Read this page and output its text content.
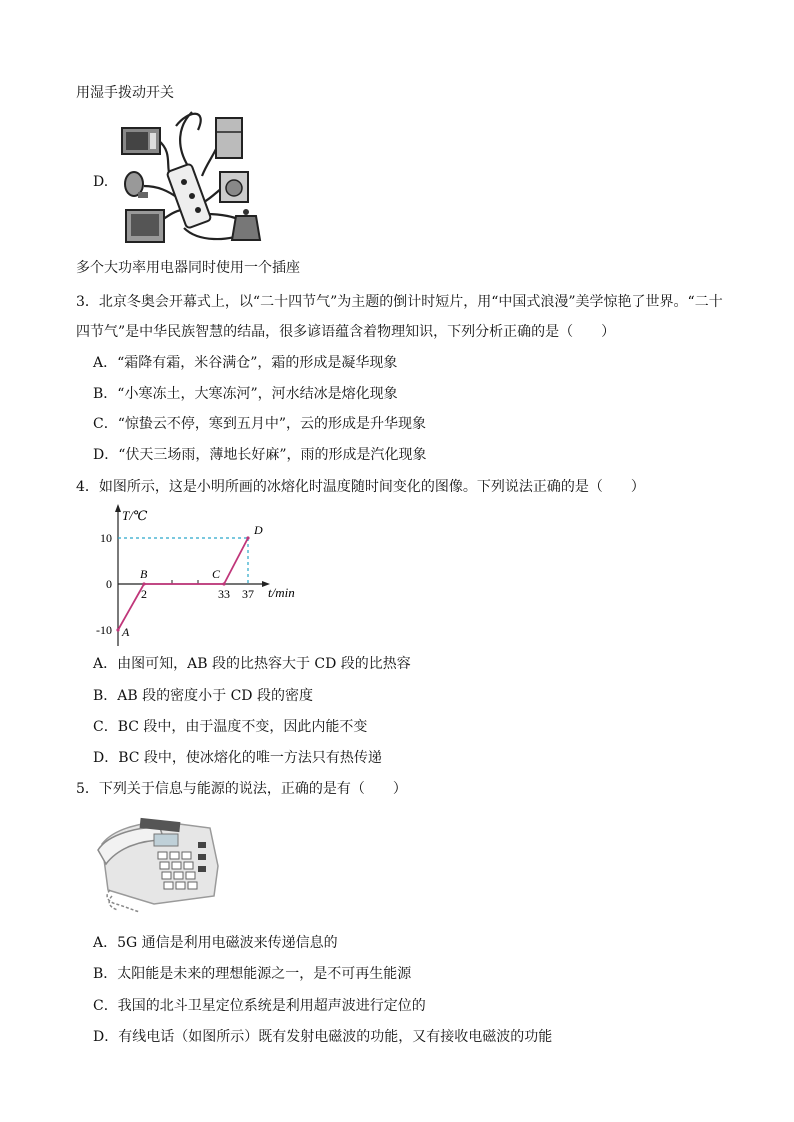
用湿手拨动开关
D.
多个大功率用电器同时使用一个插座
3．北京冬奥会开幕式上，以“二十四节气”为主题的倒计时短片，用“中国式浪漫”美学惊艳了世界。“二十
四节气”是中华民族智慧的结晶，很多谚语蕴含着物理知识，下列分析正确的是（　　）
A．“霜降有霜，米谷满仓”，霜的形成是凝华现象
B．“小寒冻土，大寒冻河”，河水结冰是熔化现象
C．“惊蛰云不停，寒到五月中”，云的形成是升华现象
D．“伏天三场雨，薄地长好麻”，雨的形成是汽化现象
4．如图所示，这是小明所画的冰熔化时温度随时间变化的图像。下列说法正确的是（　　）
T/℃
t/min
10
0
-10
2	33 37
A
B	C
D
A．由图可知，AB 段的比热容大于 CD 段的比热容
B．AB 段的密度小于 CD 段的密度
C．BC 段中，由于温度不变，因此内能不变
D．BC 段中，使冰熔化的唯一方法只有热传递
5．下列关于信息与能源的说法，正确的是有（　　）
A．5G 通信是利用电磁波来传递信息的
B．太阳能是未来的理想能源之一，是不可再生能源
C．我国的北斗卫星定位系统是利用超声波进行定位的
D．有线电话（如图所示）既有发射电磁波的功能，又有接收电磁波的功能
